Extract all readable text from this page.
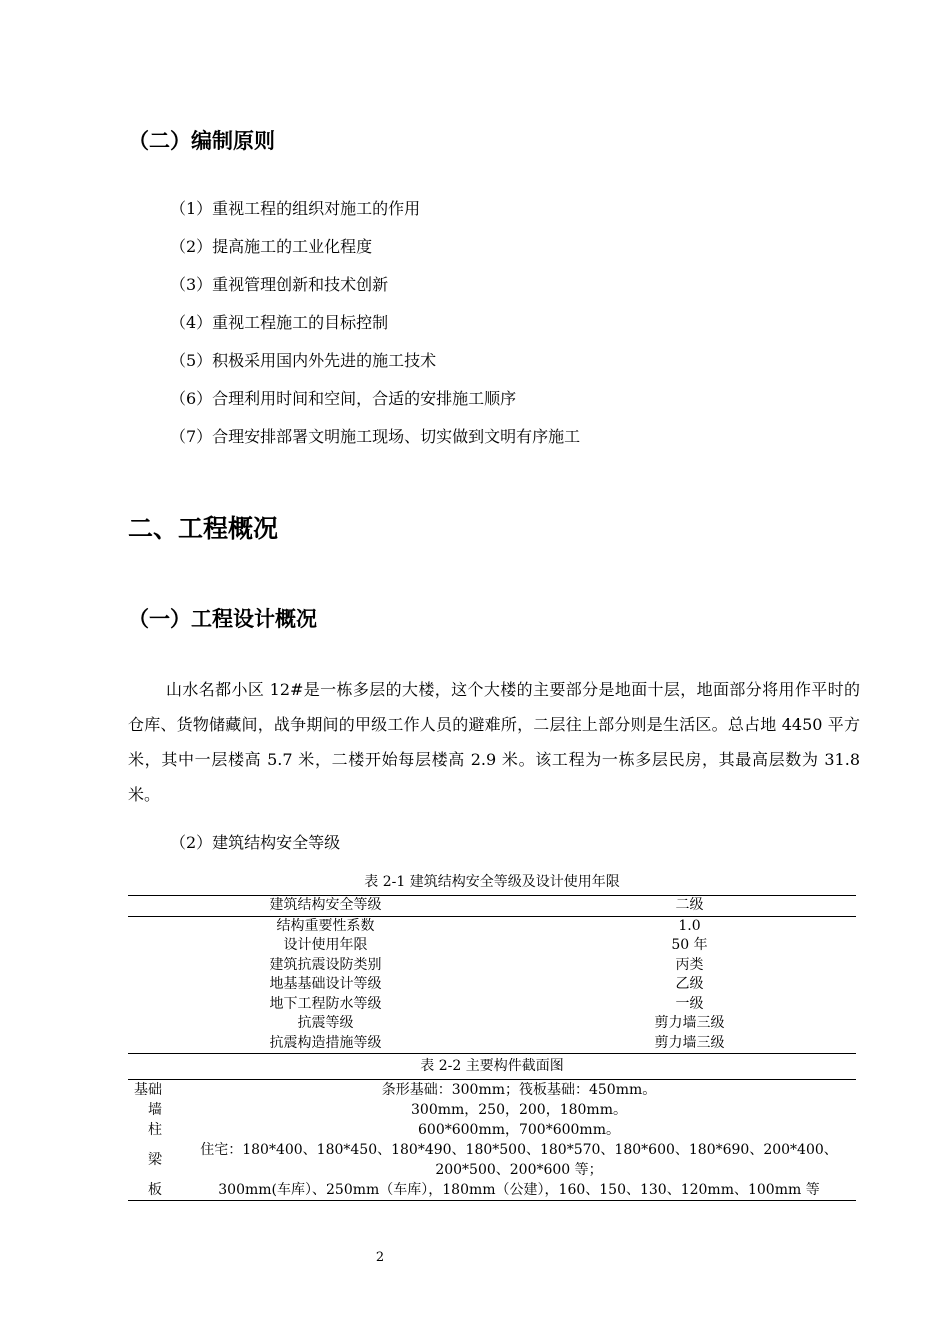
（二）编制原则
（1）重视工程的组织对施工的作用
（2）提高施工的工业化程度
（3）重视管理创新和技术创新
（4）重视工程施工的目标控制
（5）积极采用国内外先进的施工技术
（6）合理利用时间和空间，合适的安排施工顺序
（7）合理安排部署文明施工现场、切实做到文明有序施工
二、工程概况
（一）工程设计概况

山水名都小区 12#是一栋多层的大楼，这个大楼的主要部分是地面十层，地面部分将用作平时的仓库、货物储藏间，战争期间的甲级工作人员的避难所，二层往上部分则是生活区。总占地 4450 平方米，其中一层楼高 5.7 米，二楼开始每层楼高 2.9 米。该工程为一栋多层民房，其最高层数为 31.8 米。

（2）建筑结构安全等级
表 2-1 建筑结构安全等级及设计使用年限
建筑结构安全等级	二级
结构重要性系数	1.0
设计使用年限	50 年
建筑抗震设防类别	丙类
地基基础设计等级	乙级
地下工程防水等级	一级
抗震等级	剪力墙三级
抗震构造措施等级	剪力墙三级
表 2-2 主要构件截面图
基础	条形基础：300mm；筏板基础：450mm。
墙	300mm，250，200，180mm。
柱	600*600mm，700*600mm。
梁	住宅：180*400、180*450、180*490、180*500、180*570、180*600、180*690、200*400、200*500、200*600 等；
板	300mm(车库）、250mm（车库），180mm（公建），160、150、130、120mm、100mm 等
2
